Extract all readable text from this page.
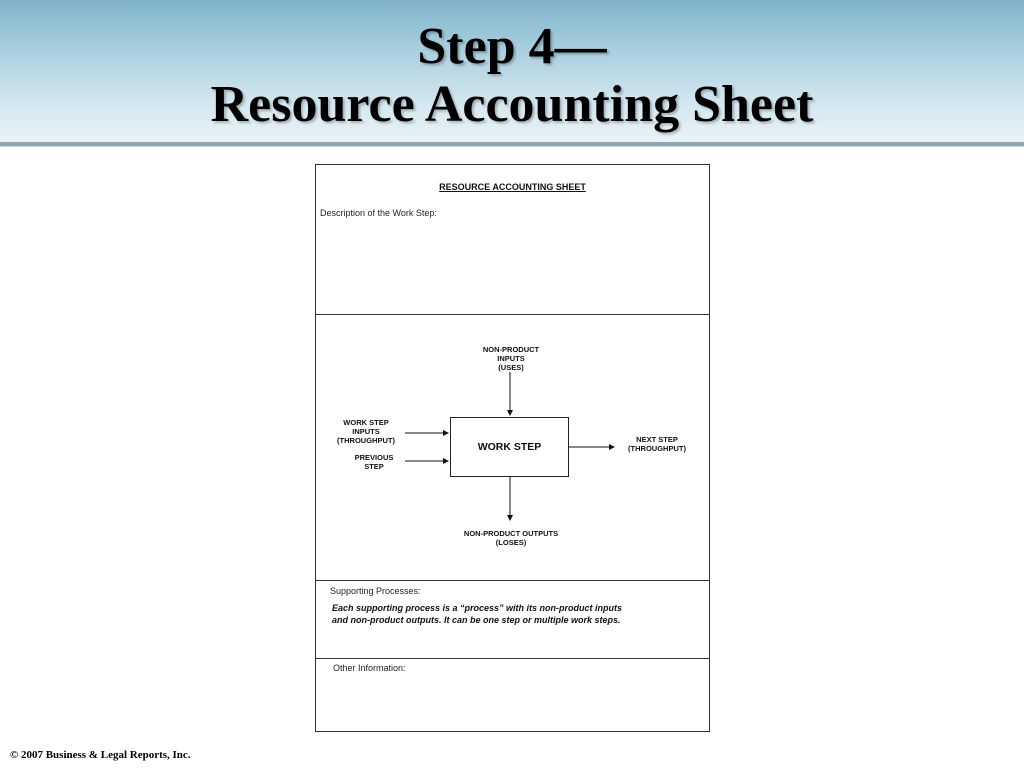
Step 4—
Resource Accounting Sheet
RESOURCE ACCOUNTING SHEET
Description of the Work Step:
NON-PRODUCT
INPUTS
(USES)
WORK STEP
INPUTS
(THROUGHPUT)
PREVIOUS
STEP
WORK STEP
NEXT STEP
(THROUGHPUT)
NON-PRODUCT OUTPUTS
(LOSES)
Supporting Processes:
Each supporting process is a “process” with its non-product inputs
and non-product outputs. It can be one step or multiple work steps.
Other Information:
© 2007 Business & Legal Reports, Inc.
